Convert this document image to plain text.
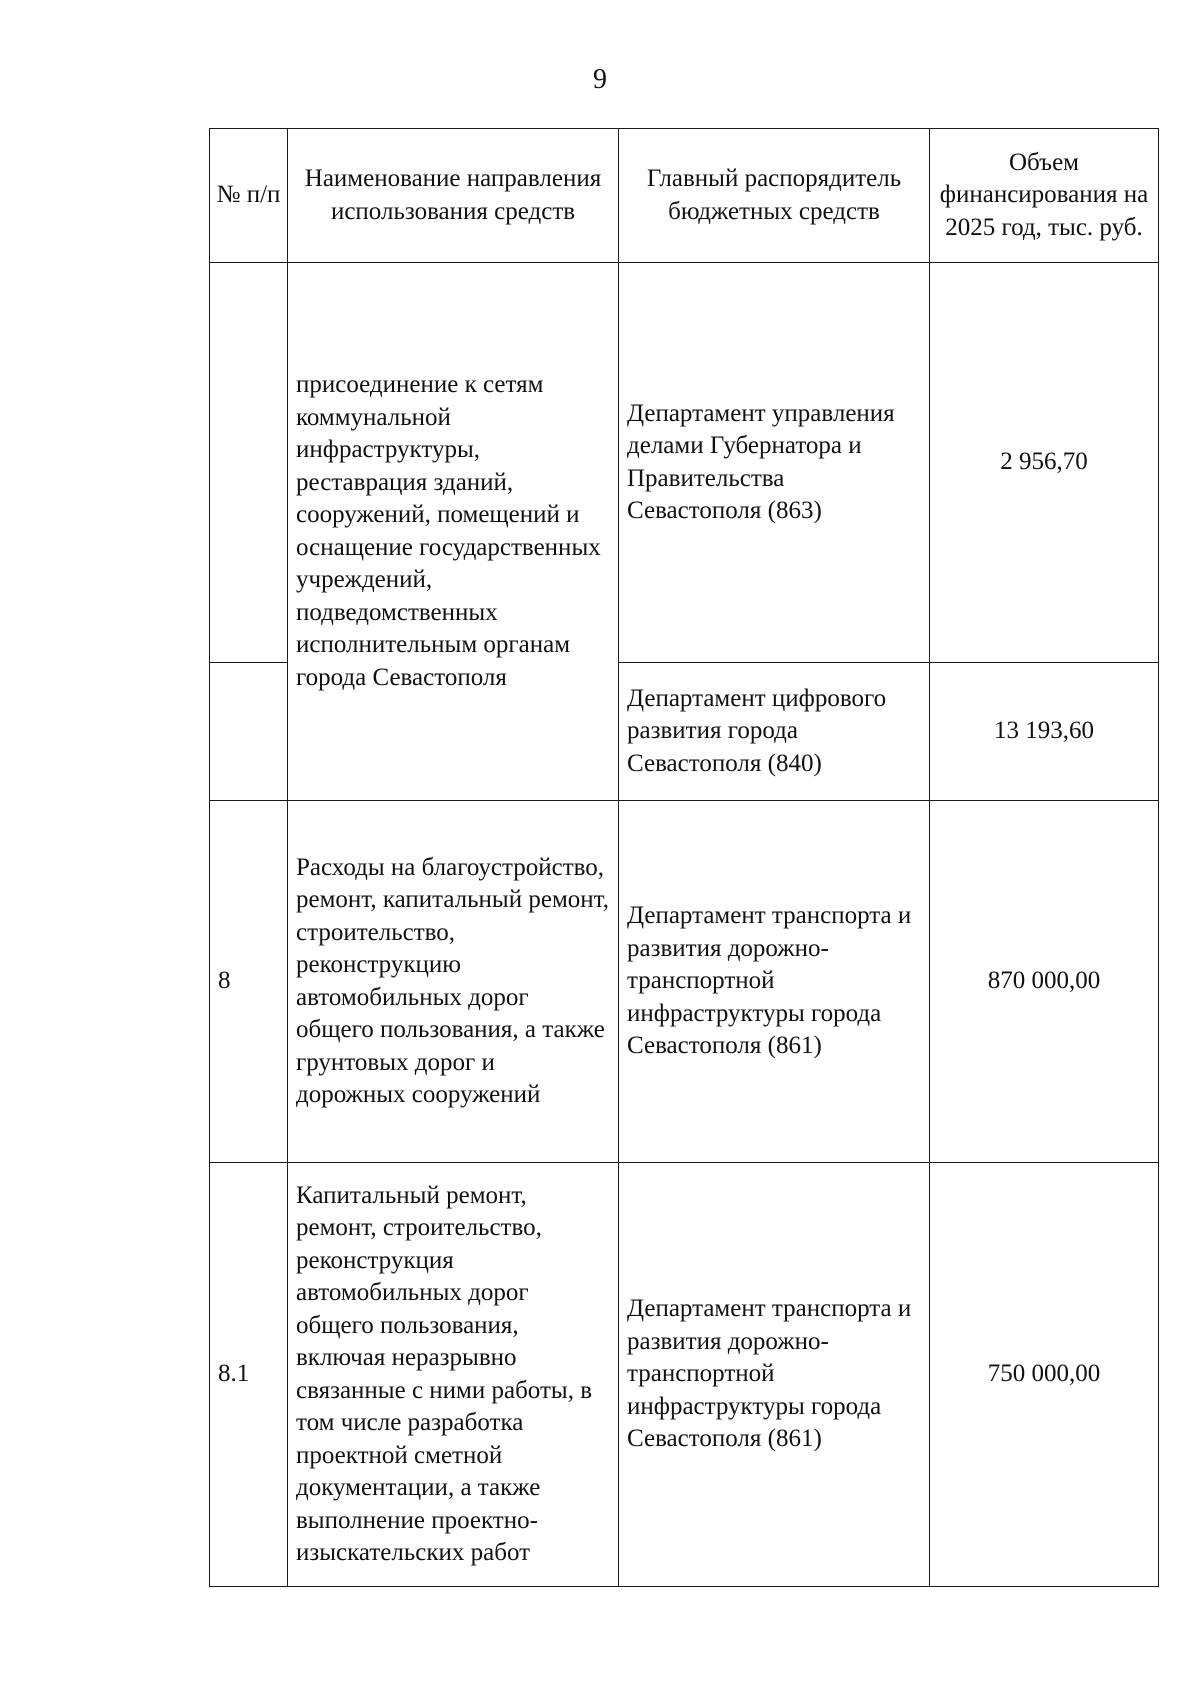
9
№ п/п	Наименование направления использования средств	Главный распорядитель бюджетных средств	Объем финансирования на 2025 год, тыс. руб.
	присоединение к сетям коммунальной инфраструктуры, реставрация зданий, сооружений, помещений и оснащение государственных учреждений, подведомственных исполнительным органам города Севастополя	Департамент управления делами Губернатора и Правительства Севастополя (863)	2 956,70
		Департамент цифрового развития города Севастополя (840)	13 193,60
8	Расходы на благоустройство, ремонт, капитальный ремонт, строительство, реконструкцию автомобильных дорог общего пользования, а также грунтовых дорог и дорожных сооружений	Департамент транспорта и развития дорожно-транспортной инфраструктуры города Севастополя (861)	870 000,00
8.1	Капитальный ремонт, ремонт, строительство, реконструкция автомобильных дорог общего пользования, включая неразрывно связанные с ними работы, в том числе разработка проектной сметной документации, а также выполнение проектно-изыскательских работ	Департамент транспорта и развития дорожно-транспортной инфраструктуры города Севастополя (861)	750 000,00
